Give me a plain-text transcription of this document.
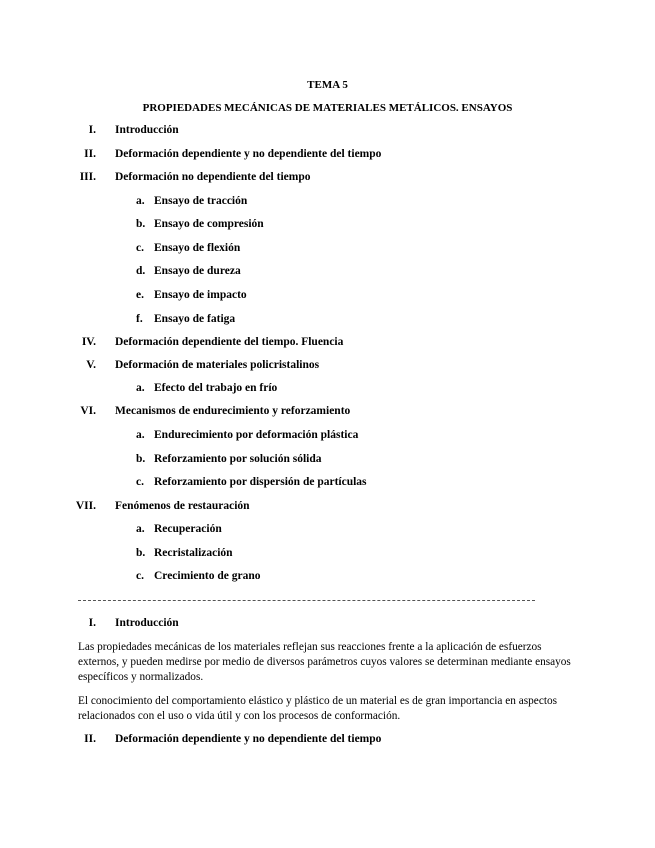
TEMA 5
PROPIEDADES MECÁNICAS DE MATERIALES METÁLICOS. ENSAYOS
I. Introducción
II. Deformación dependiente y no dependiente del tiempo
III. Deformación no dependiente del tiempo
a. Ensayo de tracción
b. Ensayo de compresión
c. Ensayo de flexión
d. Ensayo de dureza
e. Ensayo de impacto
f. Ensayo de fatiga
IV. Deformación dependiente del tiempo. Fluencia
V. Deformación de materiales policristalinos
a. Efecto del trabajo en frío
VI. Mecanismos de endurecimiento y reforzamiento
a. Endurecimiento por deformación plástica
b. Reforzamiento por solución sólida
c. Reforzamiento por dispersión de partículas
VII. Fenómenos de restauración
a. Recuperación
b. Recristalización
c. Crecimiento de grano
I. Introducción
Las propiedades mecánicas de los materiales reflejan sus reacciones frente a la aplicación de esfuerzos externos, y pueden medirse por medio de diversos parámetros cuyos valores se determinan mediante ensayos específicos y normalizados.
El conocimiento del comportamiento elástico y plástico de un material es de gran importancia en aspectos relacionados con el uso o vida útil y con los procesos de conformación.
II. Deformación dependiente y no dependiente del tiempo
